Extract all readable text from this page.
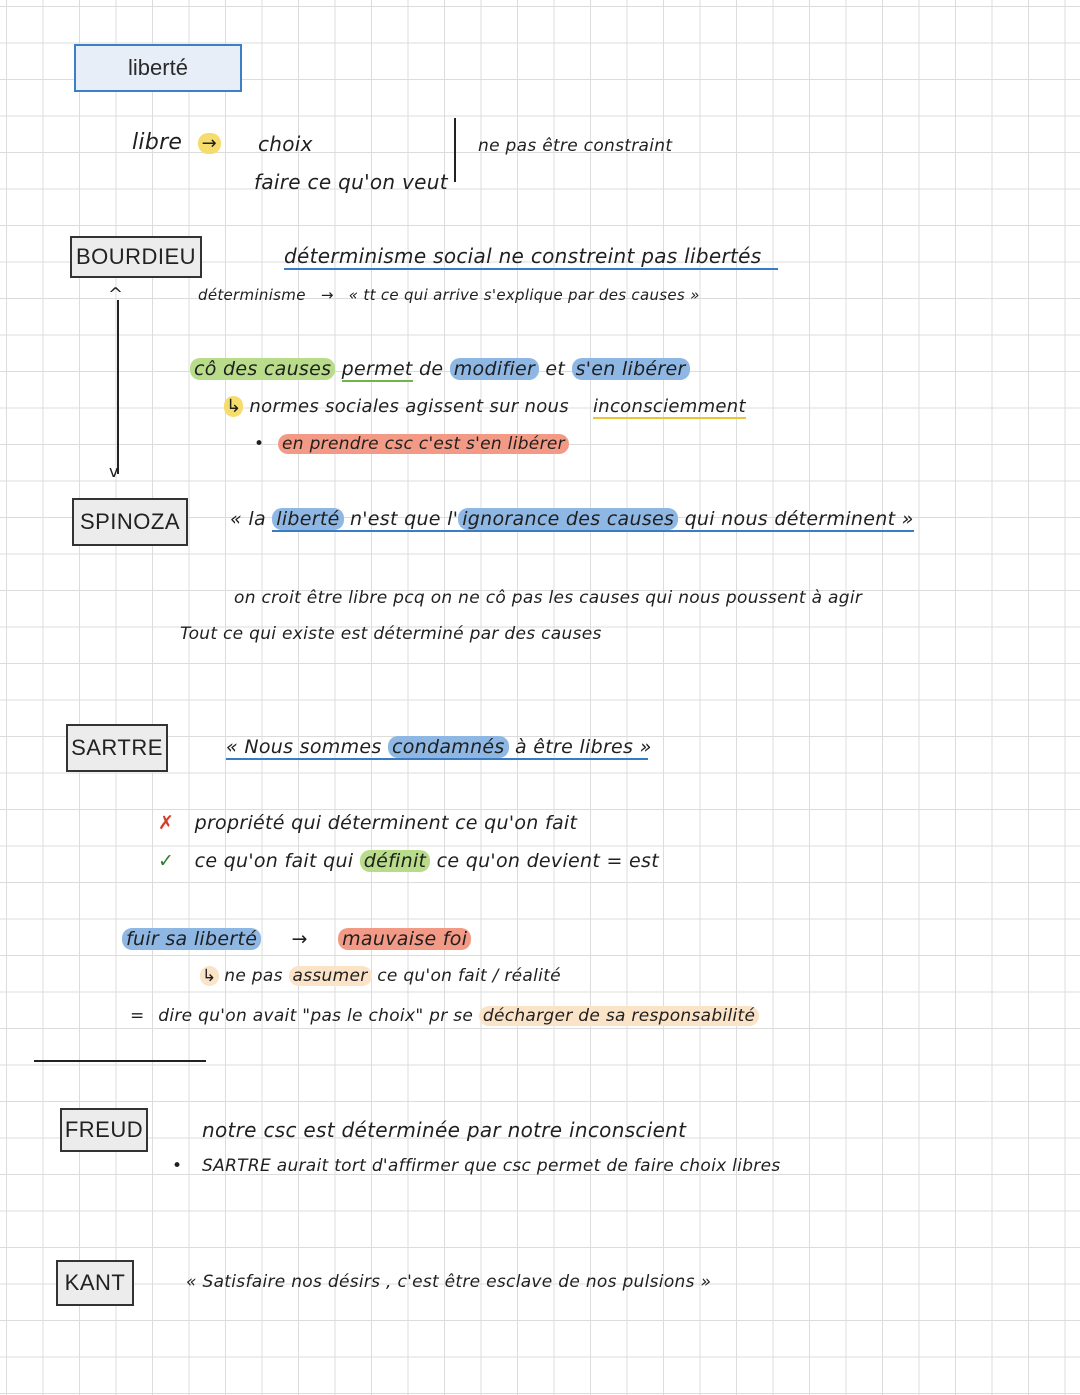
liberté
libre → choix
faire ce qu'on veut
ne pas être constraint
BOURDIEU	déterminisme social ne constreint pas libertés
déterminisme → « tt ce qui arrive s'explique par des causes »
^
v
cô des causes permet de modifier et s'en libérer
↳ normes sociales agissent sur nous inconsciemment
• en prendre csc c'est s'en libérer
SPINOZA	« la liberté n'est que l' ignorance des causes qui nous déterminent »
on croit être libre pcq on ne cô pas les causes qui nous poussent à agir
Tout ce qui existe est déterminé par des causes
SARTRE	« Nous sommes condamnés à être libres »
✗ propriété qui déterminent ce qu'on fait
✓ ce qu'on fait qui définit ce qu'on devient = est
fuir sa liberté → mauvaise foi
↳ ne pas assumer ce qu'on fait / réalité
= dire qu'on avait "pas le choix" pr se décharger de sa responsabilité
FREUD	notre csc est déterminée par notre inconscient
• SARTRE aurait tort d'affirmer que csc permet de faire choix libres
KANT	« Satisfaire nos désirs , c'est être esclave de nos pulsions »
